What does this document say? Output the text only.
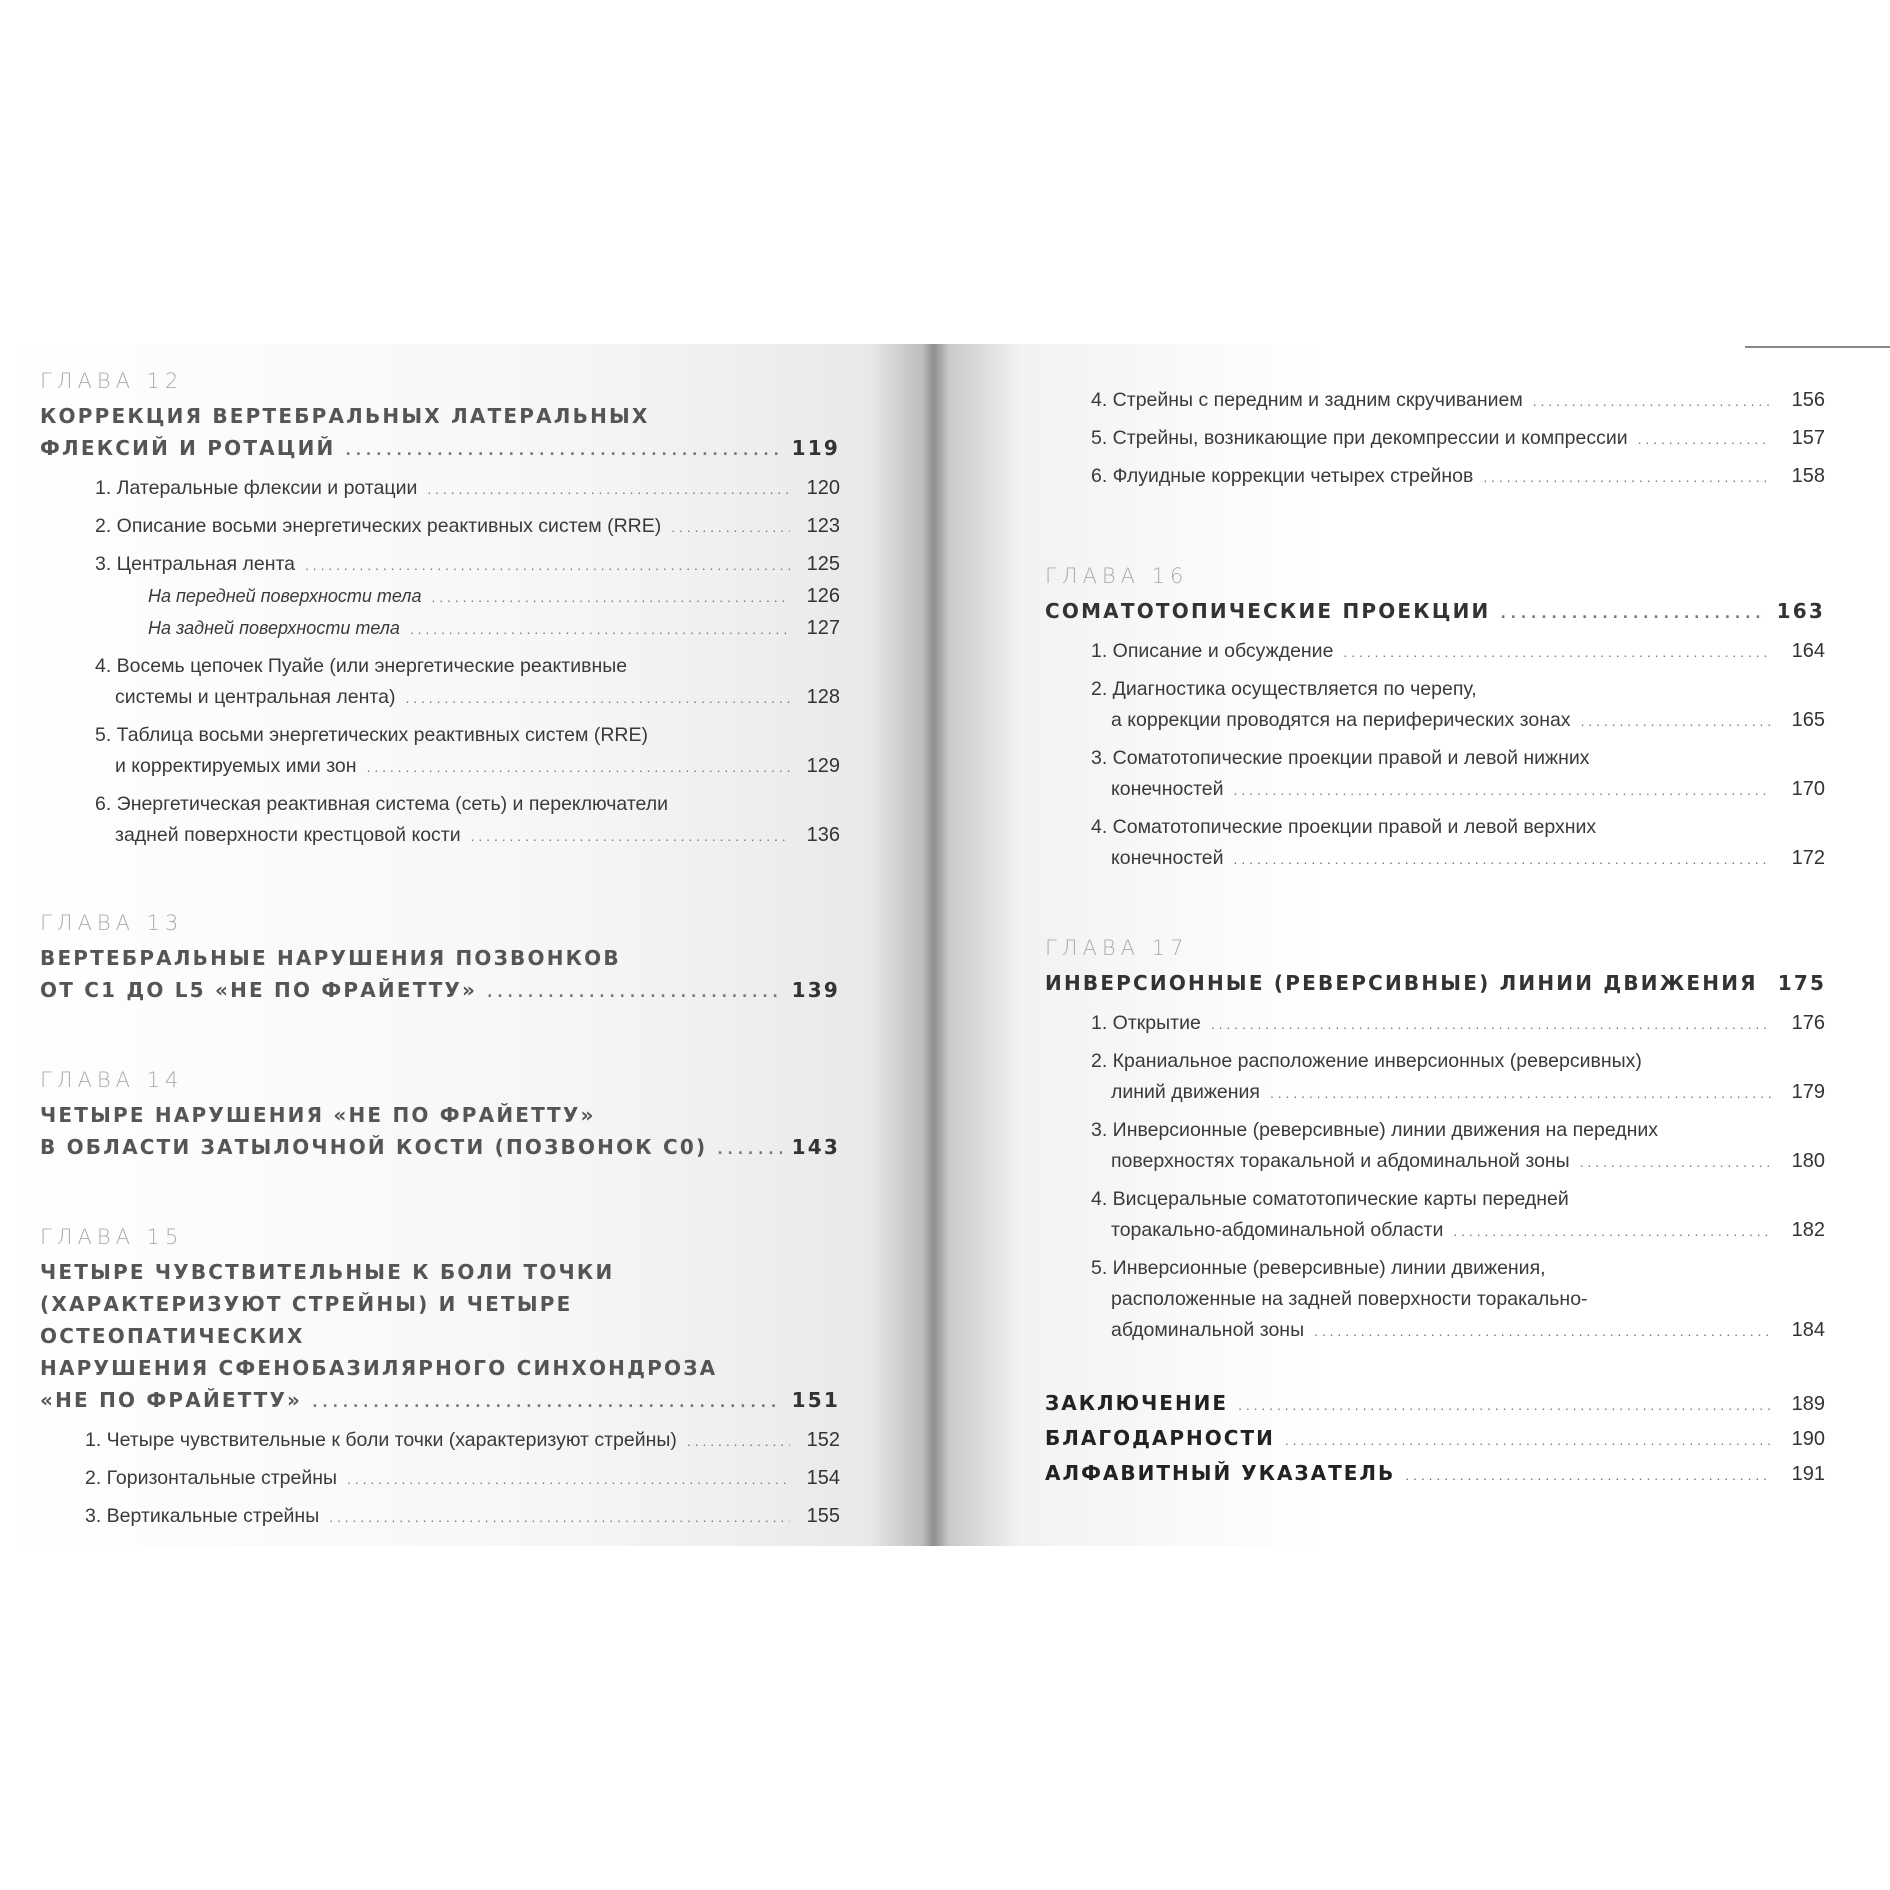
ГЛАВА 12
КОРРЕКЦИЯ ВЕРТЕБРАЛЬНЫХ ЛАТЕРАЛЬНЫХ
ФЛЕКСИЙ И РОТАЦИЙ . . .	119
1. Латеральные флексии и ротации . . .	120
2. Описание восьми энергетических реактивных систем (RRE) . . .	123
3. Центральная лента . . .	125
На передней поверхности тела . . .	126
На задней поверхности тела . . .	127
4. Восемь цепочек Пуайе (или энергетические реактивные
системы и центральная лента) . . .	128
5. Таблица восьми энергетических реактивных систем (RRE)
и корректируемых ими зон . . .	129
6. Энергетическая реактивная система (сеть) и переключатели
задней поверхности крестцовой кости . . .	136
ГЛАВА 13
ВЕРТЕБРАЛЬНЫЕ НАРУШЕНИЯ ПОЗВОНКОВ
ОТ С1 ДО L5 «НЕ ПО ФРАЙЕТТУ» . . .	139
ГЛАВА 14
ЧЕТЫРЕ НАРУШЕНИЯ «НЕ ПО ФРАЙЕТТУ»
В ОБЛАСТИ ЗАТЫЛОЧНОЙ КОСТИ (ПОЗВОНОК С0) . . .	143
ГЛАВА 15
ЧЕТЫРЕ ЧУВСТВИТЕЛЬНЫЕ К БОЛИ ТОЧКИ
(ХАРАКТЕРИЗУЮТ СТРЕЙНЫ) И ЧЕТЫРЕ ОСТЕОПАТИЧЕСКИХ
НАРУШЕНИЯ СФЕНОБАЗИЛЯРНОГО СИНХОНДРОЗА
«НЕ ПО ФРАЙЕТТУ» . . .	151
1. Четыре чувствительные к боли точки (характеризуют стрейны) . . .	152
2. Горизонтальные стрейны . . .	154
3. Вертикальные стрейны . . .	155
4. Стрейны с передним и задним скручиванием . . .	156
5. Стрейны, возникающие при декомпрессии и компрессии . . .	157
6. Флуидные коррекции четырех стрейнов . . .	158
ГЛАВА 16
СОМАТОТОПИЧЕСКИЕ ПРОЕКЦИИ . . .	163
1. Описание и обсуждение . . .	164
2. Диагностика осуществляется по черепу,
а коррекции проводятся на периферических зонах . . .	165
3. Соматотопические проекции правой и левой нижних
конечностей . . .	170
4. Соматотопические проекции правой и левой верхних
конечностей . . .	172
ГЛАВА 17
ИНВЕРСИОННЫЕ (РЕВЕРСИВНЫЕ) ЛИНИИ ДВИЖЕНИЯ 175
1. Открытие . . .	176
2. Краниальное расположение инверсионных (реверсивных)
линий движения . . .	179
3. Инверсионные (реверсивные) линии движения на передних
поверхностях торакальной и абдоминальной зоны . . .	180
4. Висцеральные соматотопические карты передней
торакально-абдоминальной области . . .	182
5. Инверсионные (реверсивные) линии движения,
расположенные на задней поверхности торакально-
абдоминальной зоны . . .	184
ЗАКЛЮЧЕНИЕ . . .	189
БЛАГОДАРНОСТИ . . .	190
АЛФАВИТНЫЙ УКАЗАТЕЛЬ . . .	191
